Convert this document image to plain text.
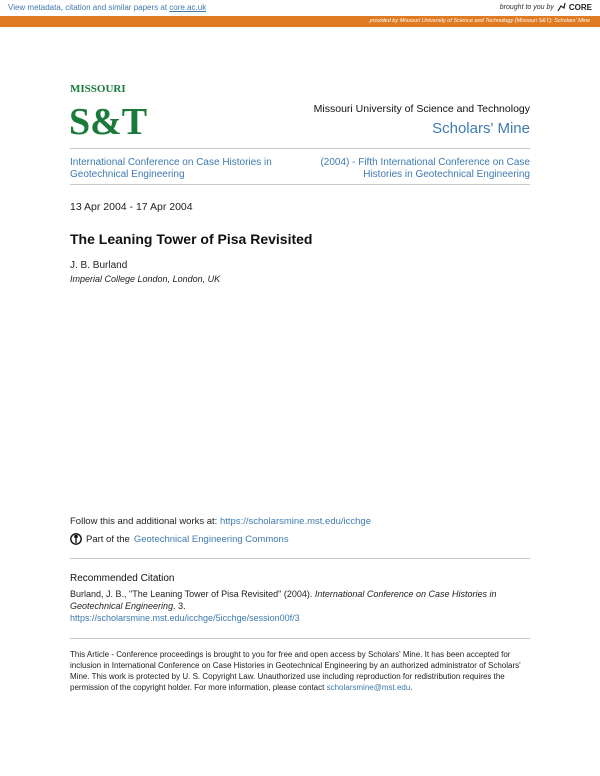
View metadata, citation and similar papers at core.ac.uk	brought to you by CORE
provided by Missouri University of Science and Technology (Missouri S&T): Scholars' Mine
MISSOURI
S&T	Missouri University of Science and Technology
Scholars' Mine
International Conference on Case Histories in
Geotechnical Engineering
(2004) - Fifth International Conference on Case
Histories in Geotechnical Engineering
13 Apr 2004 - 17 Apr 2004
The Leaning Tower of Pisa Revisited
J. B. Burland
Imperial College London, London, UK
Follow this and additional works at: https://scholarsmine.mst.edu/icchge
Part of the Geotechnical Engineering Commons
Recommended Citation
Burland, J. B., "The Leaning Tower of Pisa Revisited" (2004). International Conference on Case Histories in Geotechnical Engineering. 3.
https://scholarsmine.mst.edu/icchge/5icchge/session00f/3
This Article - Conference proceedings is brought to you for free and open access by Scholars' Mine. It has been accepted for inclusion in International Conference on Case Histories in Geotechnical Engineering by an authorized administrator of Scholars' Mine. This work is protected by U. S. Copyright Law. Unauthorized use including reproduction for redistribution requires the permission of the copyright holder. For more information, please contact scholarsmine@mst.edu.
